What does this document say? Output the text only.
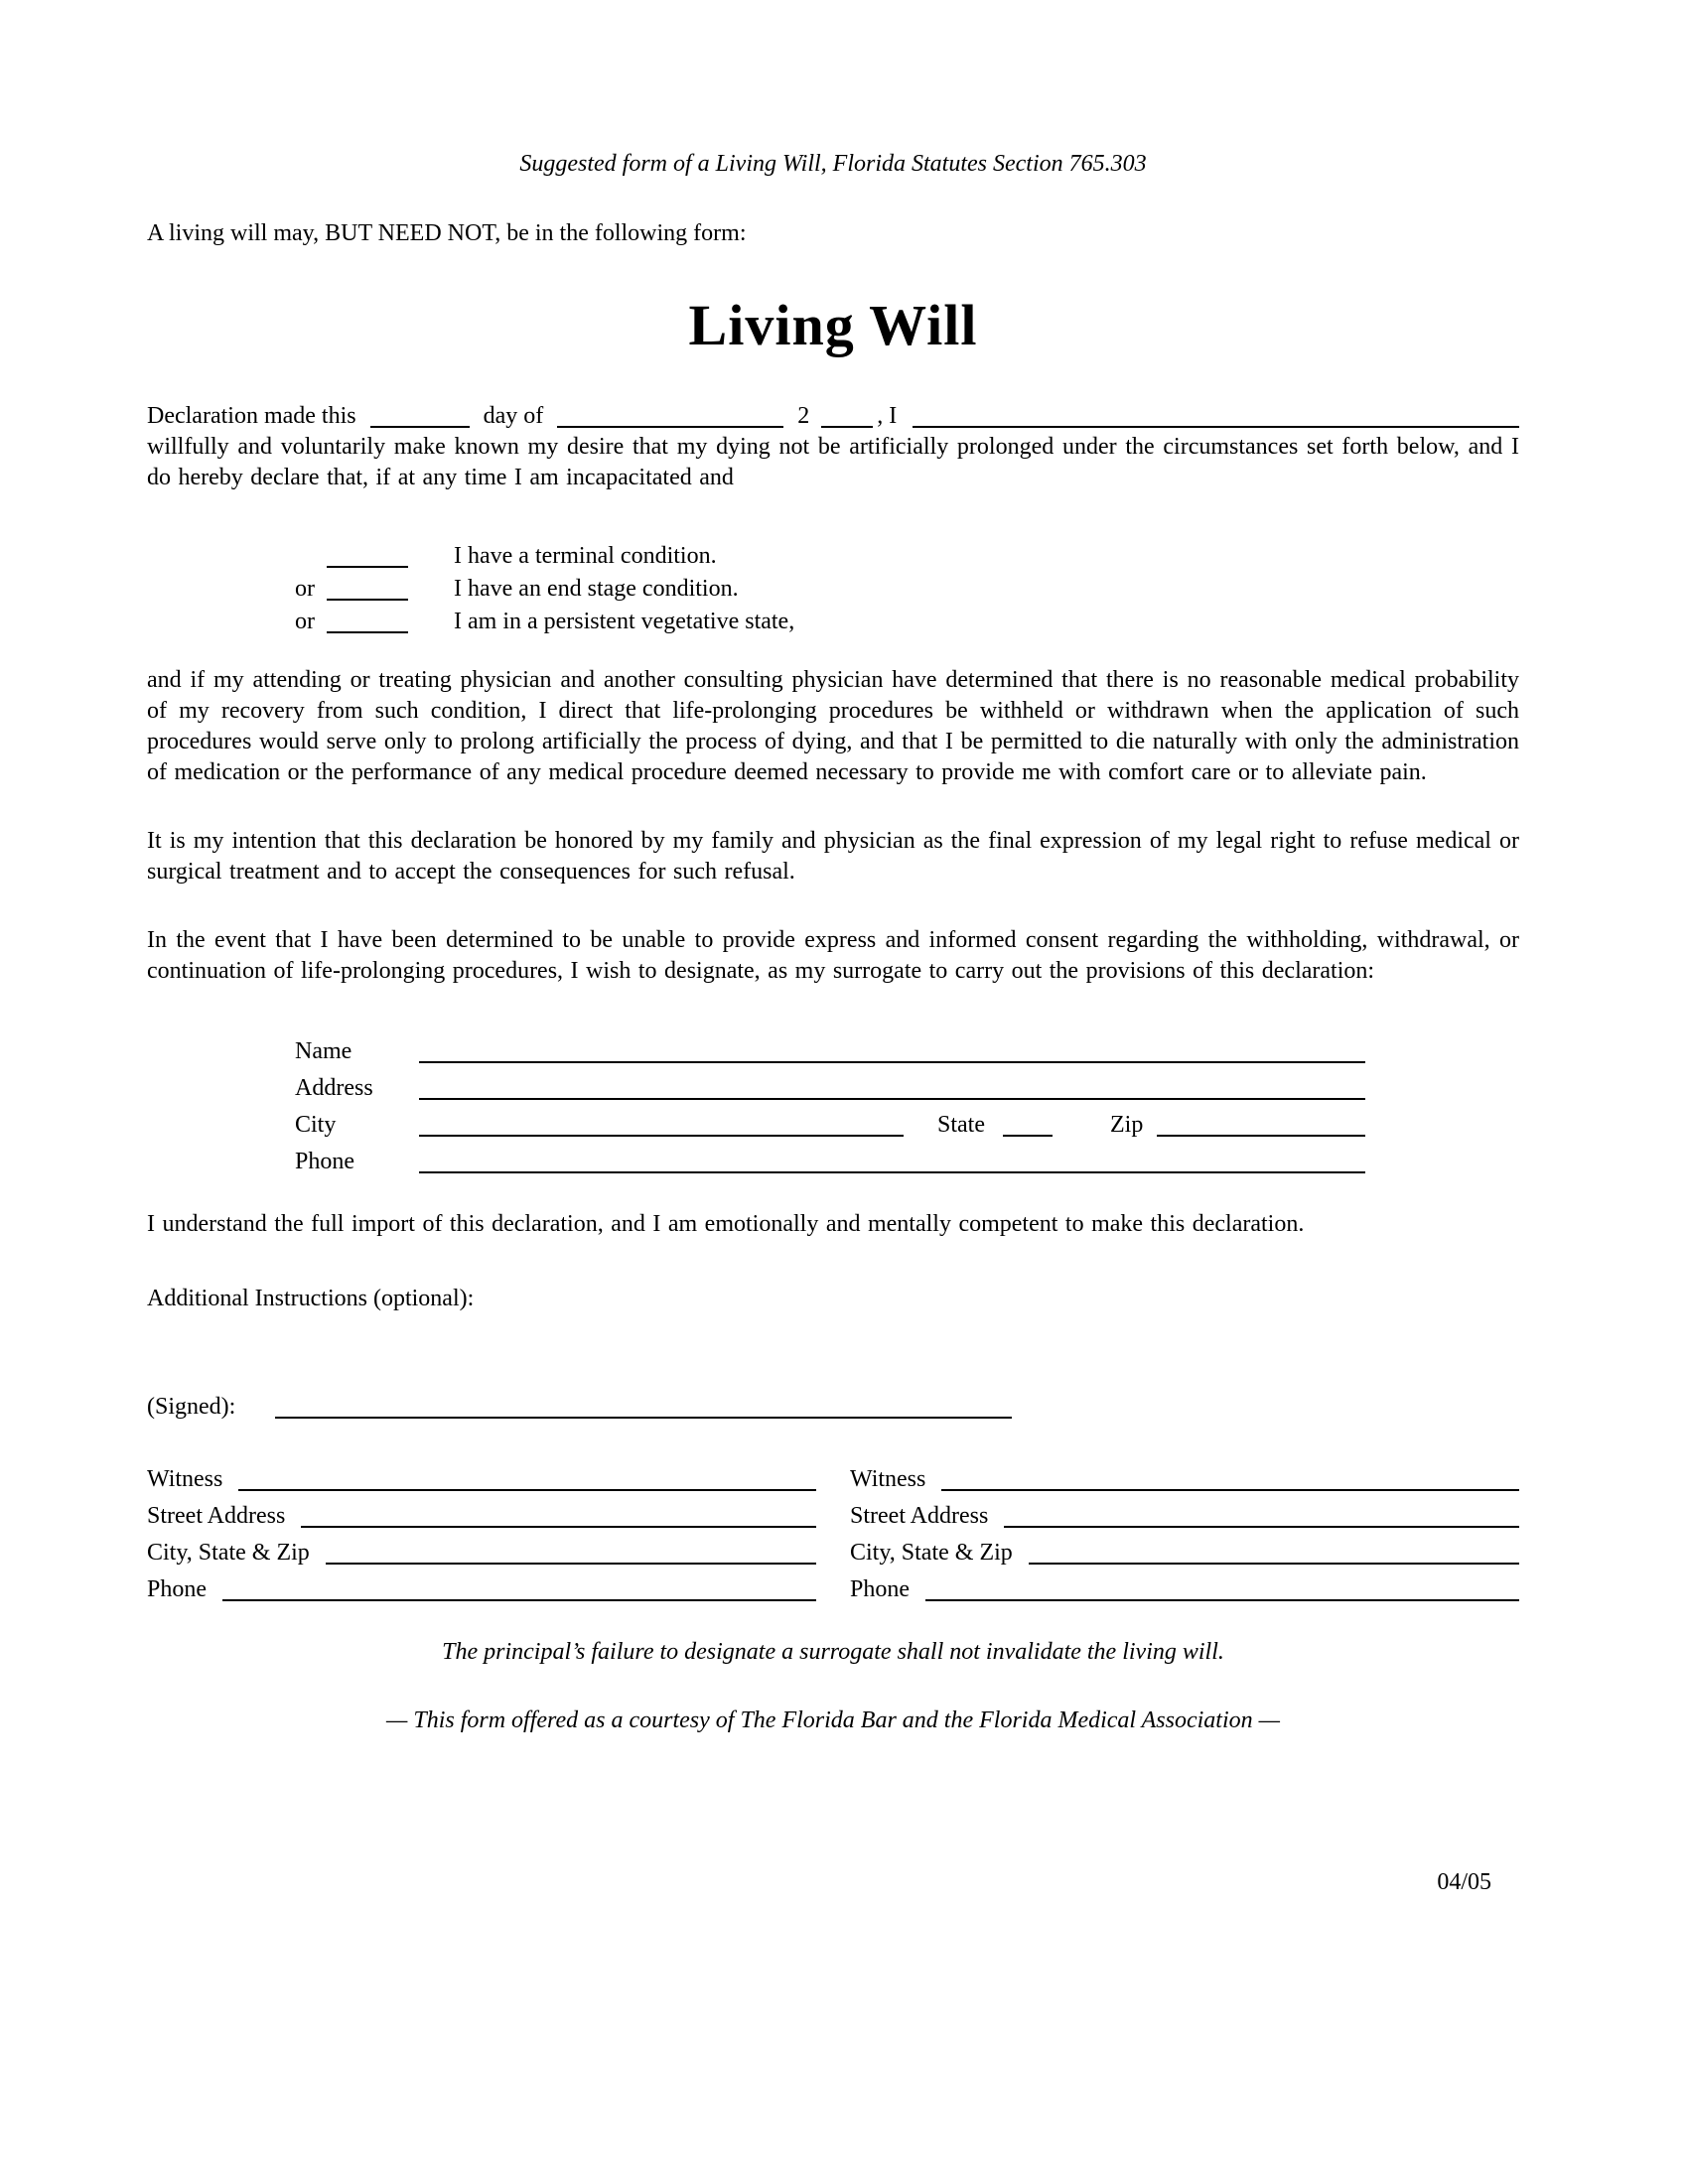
Suggested form of a Living Will, Florida Statutes Section 765.303
A living will may, BUT NEED NOT, be in the following form:
Living Will
Declaration made this	day of	2	, I
willfully and voluntarily make known my desire that my dying not be artificially prolonged under the circumstances set forth below, and I do hereby declare that, if at any time I am incapacitated and
I have a terminal condition.
or	I have an end stage condition.
or	I am in a persistent vegetative state,
and if my attending or treating physician and another consulting physician have determined that there is no reasonable medical probability of my recovery from such condition, I direct that life-prolonging procedures be withheld or withdrawn when the application of such procedures would serve only to prolong artificially the process of dying, and that I be permitted to die naturally with only the administration of medication or the performance of any medical procedure deemed necessary to provide me with comfort care or to alleviate pain.
It is my intention that this declaration be honored by my family and physician as the final expression of my legal right to refuse medical or surgical treatment and to accept the consequences for such refusal.
In the event that I have been determined to be unable to provide express and informed consent regarding the withholding, withdrawal, or continuation of life-prolonging procedures, I wish to designate, as my surrogate to carry out the provisions of this declaration:
Name
Address
City	State	Zip
Phone
I understand the full import of this declaration, and I am emotionally and mentally competent to make this declaration.
Additional Instructions (optional):
(Signed):
Witness
Street Address
City, State & Zip
Phone
Witness
Street Address
City, State & Zip
Phone
The principal’s failure to designate a surrogate shall not invalidate the living will.
— This form offered as a courtesy of The Florida Bar and the Florida Medical Association —
04/05
